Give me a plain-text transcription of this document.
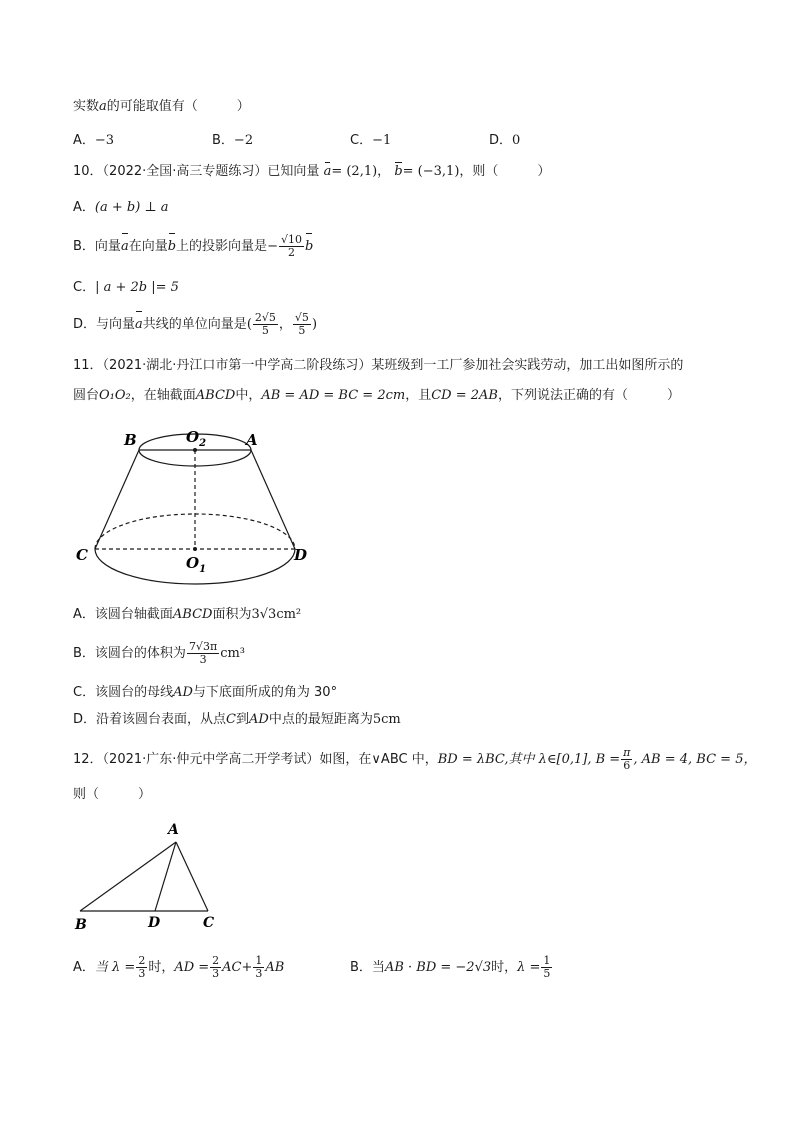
实数a的可能取值有（　　　）
A．−3	B．−2	C．−1	D．0
10．（2022·全国·高三专题练习）已知向量 a= (2,1)， b= (−3,1)，则（　　　）
A．(a + b) ⊥ a
B．向量a在向量b上的投影向量是− $\frac{√10}{2}$ b
C．| a + 2b |= 5
D．与向量a共线的单位向量是( $\frac{2√5}{5}$ ， $\frac{√5}{5}$ )
11．（2021·湖北·丹江口市第一中学高二阶段练习）某班级到一工厂参加社会实践劳动，加工出如图所示的
圆台O₁O₂，在轴截面ABCD中，AB = AD = BC = 2cm，且CD = 2AB，下列说法正确的有（　　　）
B	$O_2$	A
C	$O_1$
D
A．该圆台轴截面ABCD面积为3√3cm²
B．该圆台的体积为 $\frac{7√3\pi}{3} cm^3$
C．该圆台的母线AD与下底面所成的角为 30°
D．沿着该圆台表面，从点C到AD中点的最短距离为5cm
12．（2021·广东·仲元中学高二开学考试）如图，在∨ABC 中，BD = λBC,其中 λ∈[0,1], $B = \frac{\pi}{6}$ , AB = 4, BC = 5，
则（　　　）
A
B	D	C
A．当 $\lambda = \frac{2}{3}$ 时，AD = $\frac{2}{3} AC+ \frac{1}{3}$ AB	B．当AB · BD = −2√3时，$\lambda = \frac{1}{5}$
